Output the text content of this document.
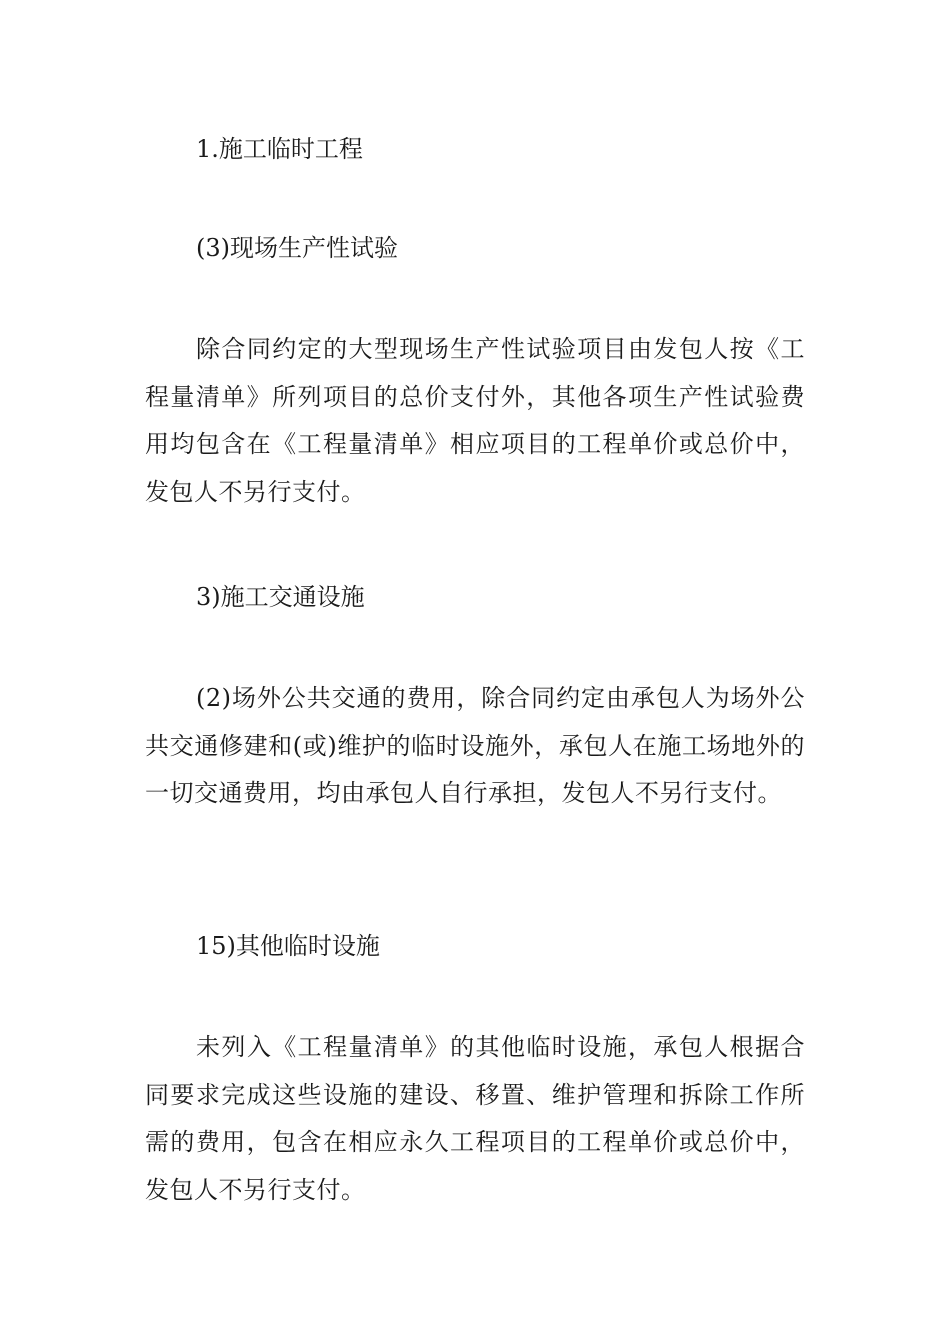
1.施工临时工程
(3)现场生产性试验
除合同约定的大型现场生产性试验项目由发包人按《工程量清单》所列项目的总价支付外，其他各项生产性试验费用均包含在《工程量清单》相应项目的工程单价或总价中，发包人不另行支付。
3)施工交通设施
(2)场外公共交通的费用，除合同约定由承包人为场外公共交通修建和(或)维护的临时设施外，承包人在施工场地外的一切交通费用，均由承包人自行承担，发包人不另行支付。
15)其他临时设施
未列入《工程量清单》的其他临时设施，承包人根据合同要求完成这些设施的建设、移置、维护管理和拆除工作所需的费用，包含在相应永久工程项目的工程单价或总价中，发包人不另行支付。
